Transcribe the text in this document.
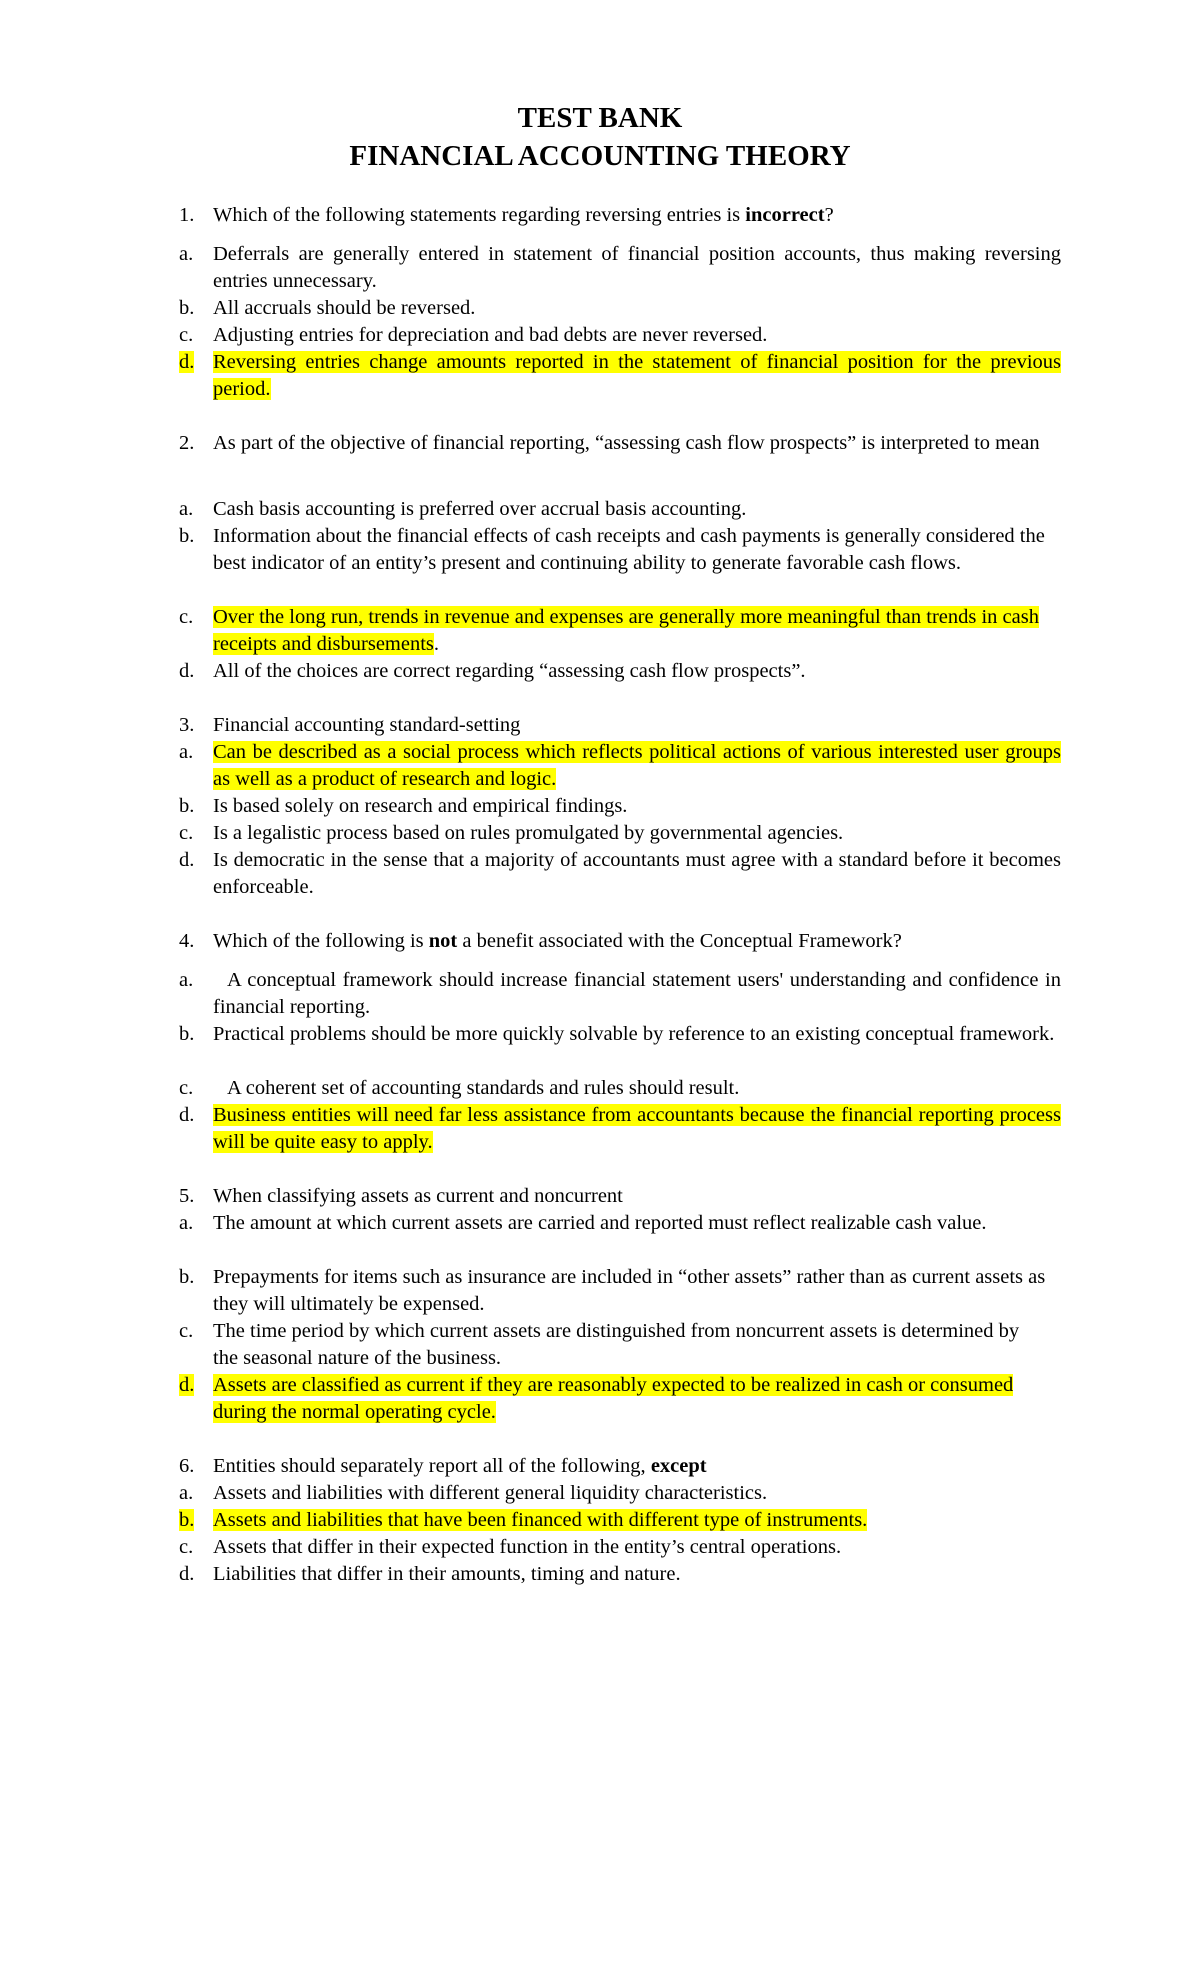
TEST BANK
FINANCIAL ACCOUNTING THEORY
1. Which of the following statements regarding reversing entries is incorrect?
a. Deferrals are generally entered in statement of financial position accounts, thus making reversing entries unnecessary.
b. All accruals should be reversed.
c. Adjusting entries for depreciation and bad debts are never reversed.
d. Reversing entries change amounts reported in the statement of financial position for the previous period.
2. As part of the objective of financial reporting, “assessing cash flow prospects” is interpreted to mean
a. Cash basis accounting is preferred over accrual basis accounting.
b. Information about the financial effects of cash receipts and cash payments is generally considered the best indicator of an entity’s present and continuing ability to generate favorable cash flows.
c. Over the long run, trends in revenue and expenses are generally more meaningful than trends in cash receipts and disbursements.
d. All of the choices are correct regarding “assessing cash flow prospects”.
3. Financial accounting standard-setting
a. Can be described as a social process which reflects political actions of various interested user groups as well as a product of research and logic.
b. Is based solely on research and empirical findings.
c. Is a legalistic process based on rules promulgated by governmental agencies.
d. Is democratic in the sense that a majority of accountants must agree with a standard before it becomes enforceable.
4. Which of the following is not a benefit associated with the Conceptual Framework?
a.	A conceptual framework should increase financial statement users' understanding and confidence in financial reporting.
b. Practical problems should be more quickly solvable by reference to an existing conceptual framework.
c.	A coherent set of accounting standards and rules should result.
d. Business entities will need far less assistance from accountants because the financial reporting process will be quite easy to apply.
5. When classifying assets as current and noncurrent
a. The amount at which current assets are carried and reported must reflect realizable cash value.
b. Prepayments for items such as insurance are included in “other assets” rather than as current assets as they will ultimately be expensed.
c. The time period by which current assets are distinguished from noncurrent assets is determined by the seasonal nature of the business.
d. Assets are classified as current if they are reasonably expected to be realized in cash or consumed during the normal operating cycle.
6. Entities should separately report all of the following, except
a. Assets and liabilities with different general liquidity characteristics.
b. Assets and liabilities that have been financed with different type of instruments.
c. Assets that differ in their expected function in the entity’s central operations.
d. Liabilities that differ in their amounts, timing and nature.
